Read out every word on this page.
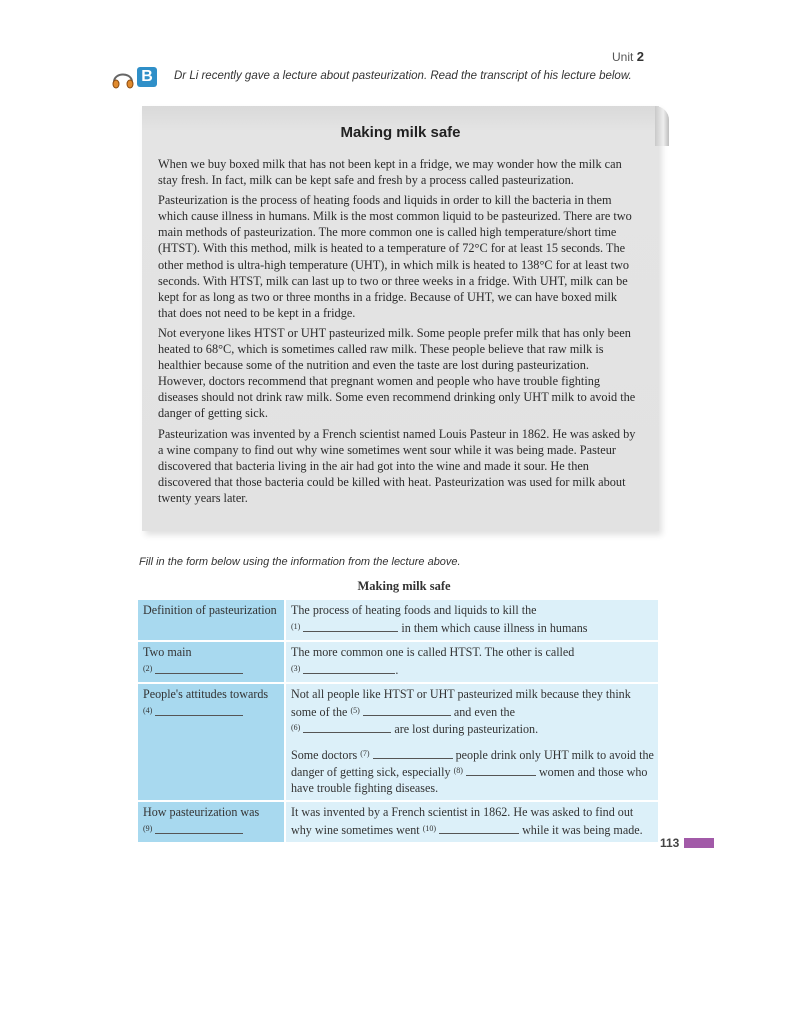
Unit 2
B	Dr Li recently gave a lecture about pasteurization. Read the transcript of his lecture below.
Making milk safe

When we buy boxed milk that has not been kept in a fridge, we may wonder how the milk can stay fresh. In fact, milk can be kept safe and fresh by a process called pasteurization.

Pasteurization is the process of heating foods and liquids in order to kill the bacteria in them which cause illness in humans. Milk is the most common liquid to be pasteurized. There are two main methods of pasteurization. The more common one is called high temperature/short time (HTST). With this method, milk is heated to a temperature of 72°C for at least 15 seconds. The other method is ultra-high temperature (UHT), in which milk is heated to 138°C for at least two seconds. With HTST, milk can last up to two or three weeks in a fridge. With UHT, milk can be kept for as long as two or three months in a fridge. Because of UHT, we can have boxed milk that does not need to be kept in a fridge.

Not everyone likes HTST or UHT pasteurized milk. Some people prefer milk that has only been heated to 68°C, which is sometimes called raw milk. These people believe that raw milk is healthier because some of the nutrition and even the taste are lost during pasteurization. However, doctors recommend that pregnant women and people who have trouble fighting diseases should not drink raw milk. Some even recommend drinking only UHT milk to avoid the danger of getting sick.

Pasteurization was invented by a French scientist named Louis Pasteur in 1862. He was asked by a wine company to find out why wine sometimes went sour while it was being made. Pasteur discovered that bacteria living in the air had got into the wine and made it sour. He then discovered that those bacteria could be killed with heat. Pasteurization was used for milk about twenty years later.

Fill in the form below using the information from the lecture above.
Making milk safe
Definition of pasteurization	The process of heating foods and liquids to kill the
$^{(1)}$ in them which cause illness in humans
Two main
$^{(2)}$	The more common one is called HTST. The other is called
$^{(3)}$ .
People's attitudes towards
$^{(4)}$	Not all people like HTST or UHT pasteurized milk because they think some of the $^{(5)}$ and even the
$^{(6)}$ are lost during pasteurization.
Some doctors $^{(7)}$ people drink only UHT milk to avoid the danger of getting sick, especially $^{(8)}$ women and those who have trouble fighting diseases.

How pasteurization was
$^{(9)}$	It was invented by a French scientist in 1862. He was asked to find out why wine sometimes went $^{(10)}$ while it was being made.
113
